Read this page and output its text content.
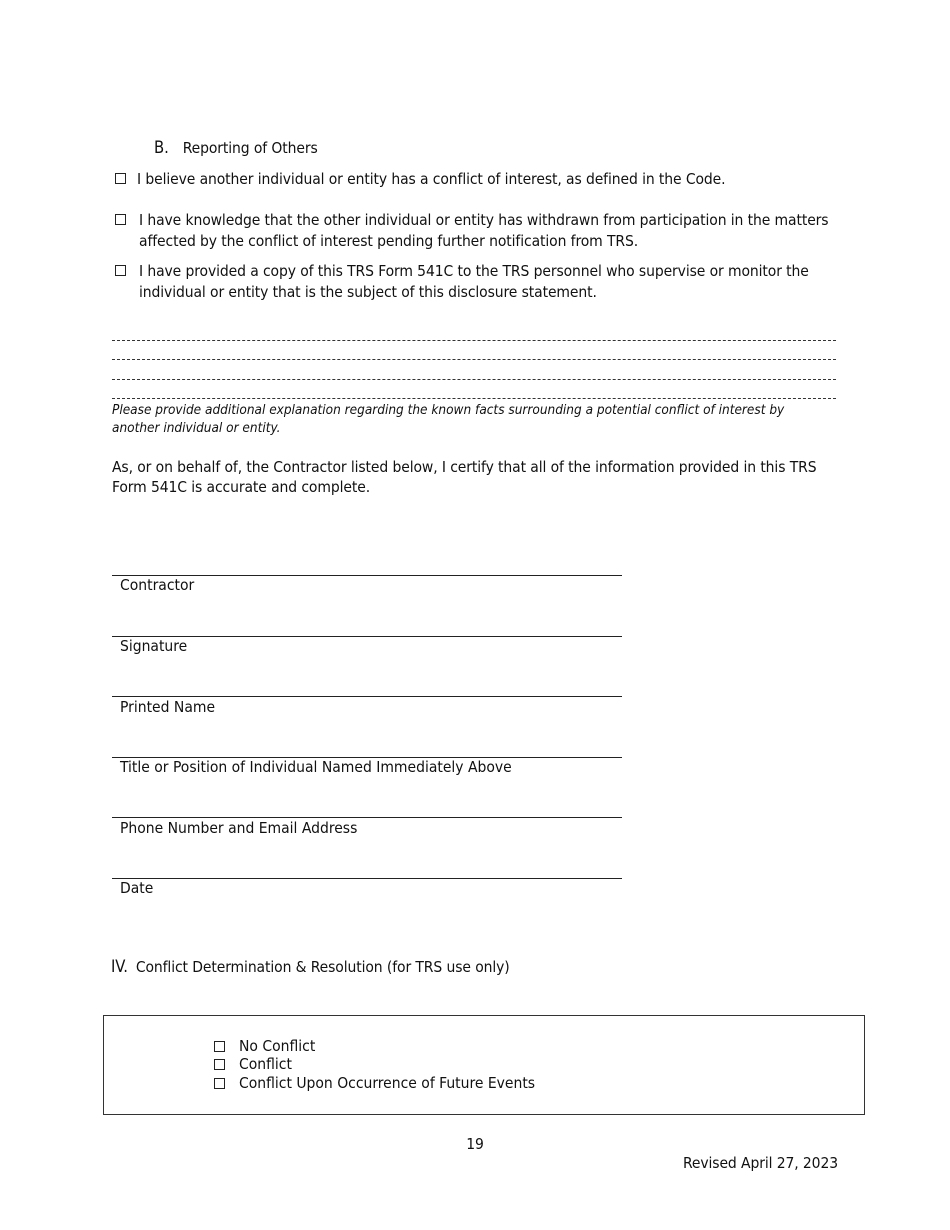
B. Reporting of Others
I believe another individual or entity has a conflict of interest, as defined in the Code.
I have knowledge that the other individual or entity has withdrawn from participation in the matters affected by the conflict of interest pending further notification from TRS.
I have provided a copy of this TRS Form 541C to the TRS personnel who supervise or monitor the individual or entity that is the subject of this disclosure statement.
Please provide additional explanation regarding the known facts surrounding a potential conflict of interest by another individual or entity.
As, or on behalf of, the Contractor listed below, I certify that all of the information provided in this TRS Form 541C is accurate and complete.
Contractor
Signature
Printed Name
Title or Position of Individual Named Immediately Above
Phone Number and Email Address
Date
IV. Conflict Determination & Resolution (for TRS use only)
No Conflict
Conflict
Conflict Upon Occurrence of Future Events
19
Revised April 27, 2023
